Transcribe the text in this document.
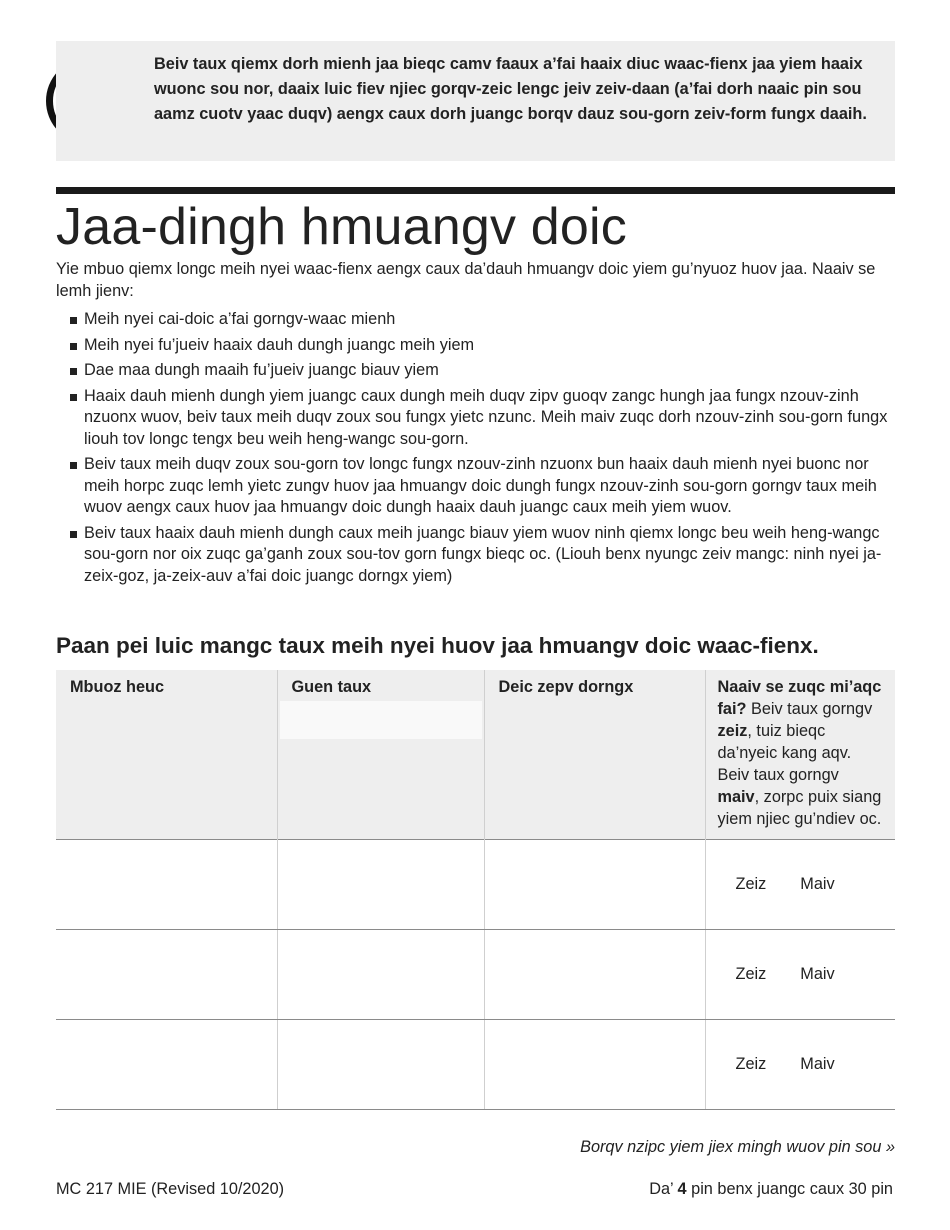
Beiv taux qiemx dorh mienh jaa bieqc camv faaux a’fai haaix diuc waac-fienx jaa yiem haaix wuonc sou nor, daaix luic fiev njiec gorqv-zeic lengc jeiv zeiv-daan (a’fai dorh naaic pin sou aamz cuotv yaac duqv) aengx caux dorh juangc borqv dauz sou-gorn zeiv-form fungx daaih.
Jaa-dingh hmuangv doic
Yie mbuo qiemx longc meih nyei waac-fienx aengx caux da’dauh hmuangv doic yiem gu’nyuoz huov jaa. Naaiv se lemh jienv:
Meih nyei cai-doic a’fai gorngv-waac mienh
Meih nyei fu’jueiv haaix dauh dungh juangc meih yiem
Dae maa dungh maaih fu’jueiv juangc biauv yiem
Haaix dauh mienh dungh yiem juangc caux dungh meih duqv zipv guoqv zangc hungh jaa fungx nzouv-zinh nzuonx wuov, beiv taux meih duqv zoux sou fungx yietc nzunc. Meih maiv zuqc dorh nzouv-zinh sou-gorn fungx liouh tov longc tengx beu weih heng-wangc sou-gorn.
Beiv taux meih duqv zoux sou-gorn tov longc fungx nzouv-zinh nzuonx bun haaix dauh mienh nyei buonc nor meih horpc zuqc lemh yietc zungv huov jaa hmuangv doic dungh fungx nzouv-zinh sou-gorn gorngv taux meih wuov aengx caux huov jaa hmuangv doic dungh haaix dauh juangc caux meih yiem wuov.
Beiv taux haaix dauh mienh dungh caux meih juangc biauv yiem wuov ninh qiemx longc beu weih heng-wangc sou-gorn nor oix zuqc ga’ganh zoux sou-tov gorn fungx bieqc oc. (Liouh benx nyungc zeiv mangc: ninh nyei ja-zeix-goz, ja-zeix-auv a’fai doic juangc dorngx yiem)
Paan pei luic mangc taux meih nyei huov jaa hmuangv doic waac-fienx.
Mbuoz heuc	Guen taux	Deic zepv dorngx	Naaiv se zuqc mi’aqc fai? Beiv taux gorngv zeiz, tuiz bieqc da’nyeic kang aqv. Beiv taux gorngv maiv, zorpc puix siang yiem njiec gu’ndiev oc.

			Zeiz Maiv

			Zeiz Maiv

			Zeiz Maiv
Borqv nzipc yiem jiex mingh wuov pin sou »
MC 217 MIE (Revised 10/2020)	Da’ 4 pin benx juangc caux 30 pin
